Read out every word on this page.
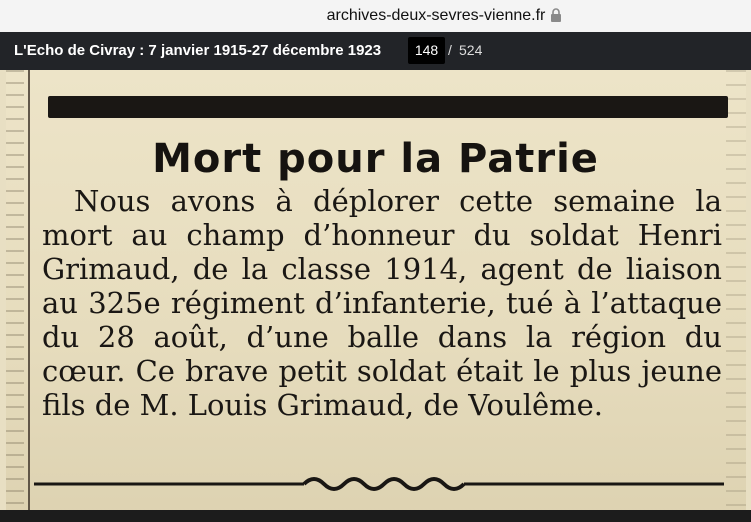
archives-deux-sevres-vienne.fr
L'Echo de Civray : 7 janvier 1915-27 décembre 1923	148 / 524
Mort pour la Patrie

Nous avons à déplorer cette semaine la mort au champ d’honneur du soldat Henri Grimaud, de la classe 1914, agent de liaison au 325e régiment d’infanterie, tué à l’attaque du 28 août, d’une balle dans la région du cœur. Ce brave petit soldat était le plus jeune fils de M. Louis Grimaud, de Voulême.
